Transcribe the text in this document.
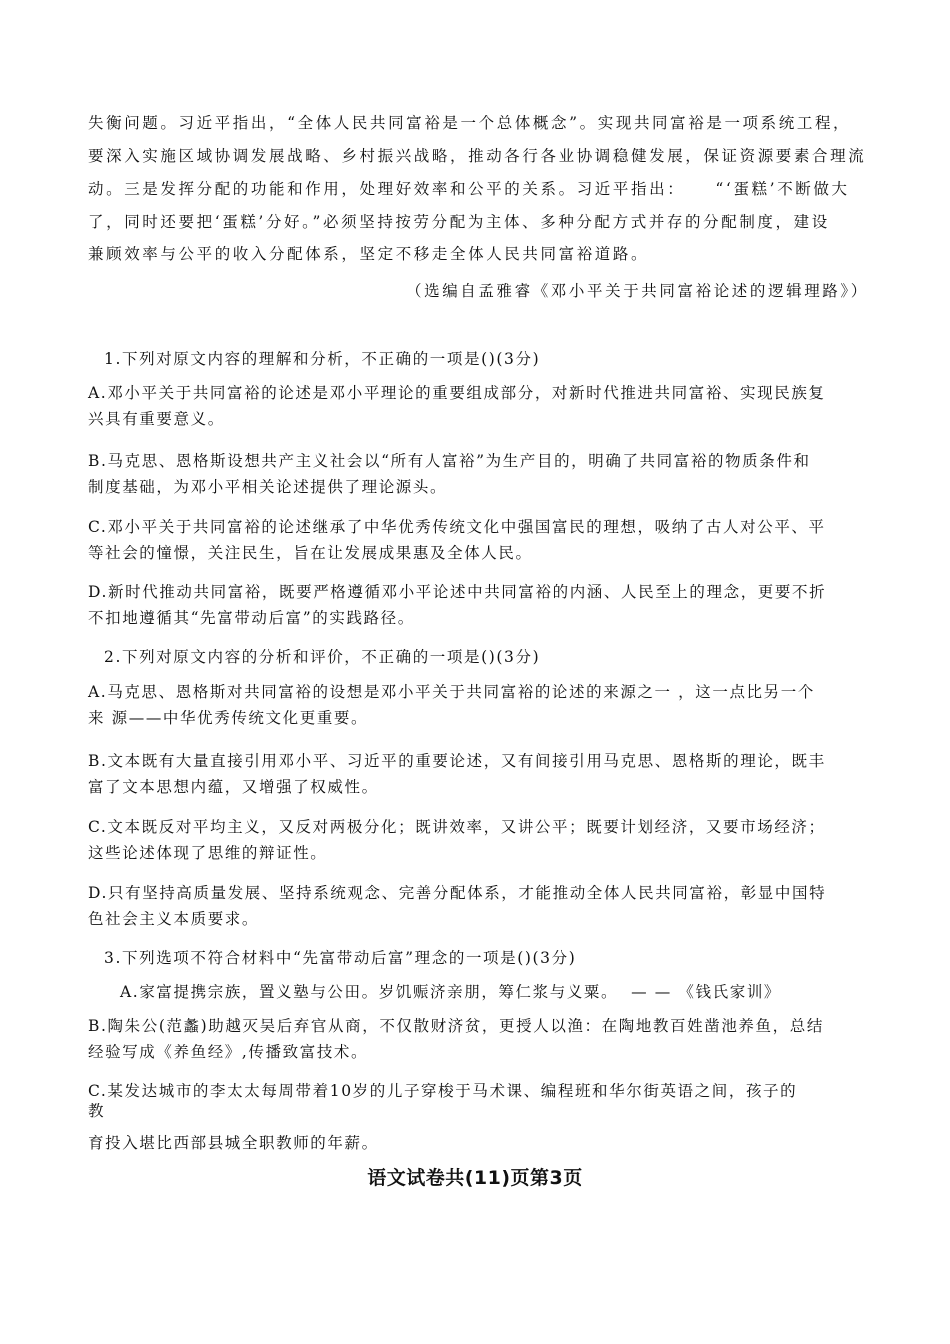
失衡问题。习近平指出，“全体人民共同富裕是一个总体概念”。实现共同富裕是一项系统工程，
要深入实施区域协调发展战略、乡村振兴战略，推动各行各业协调稳健发展，保证资源要素合理流
动。三是发挥分配的功能和作用，处理好效率和公平的关系。习近平指出：    “‘蛋糕’不断做大
了，同时还要把‘蛋糕’分好。”必须坚持按劳分配为主体、多种分配方式并存的分配制度，建设
兼顾效率与公平的收入分配体系，坚定不移走全体人民共同富裕道路。
（选编自孟雅睿《邓小平关于共同富裕论述的逻辑理路》）
1.下列对原文内容的理解和分析，不正确的一项是()(3分)
A.邓小平关于共同富裕的论述是邓小平理论的重要组成部分，对新时代推进共同富裕、实现民族复
兴具有重要意义。
B.马克思、恩格斯设想共产主义社会以“所有人富裕”为生产目的，明确了共同富裕的物质条件和
制度基础，为邓小平相关论述提供了理论源头。
C.邓小平关于共同富裕的论述继承了中华优秀传统文化中强国富民的理想，吸纳了古人对公平、平
等社会的憧憬，关注民生，旨在让发展成果惠及全体人民。
D.新时代推动共同富裕，既要严格遵循邓小平论述中共同富裕的内涵、人民至上的理念，更要不折
不扣地遵循其“先富带动后富”的实践路径。
2.下列对原文内容的分析和评价，不正确的一项是()(3分)
A.马克思、恩格斯对共同富裕的设想是邓小平关于共同富裕的论述的来源之一 ，这一点比另一个
来 源——中华优秀传统文化更重要。
B.文本既有大量直接引用邓小平、习近平的重要论述，又有间接引用马克思、恩格斯的理论，既丰
富了文本思想内蕴，又增强了权威性。
C.文本既反对平均主义，又反对两极分化；既讲效率，又讲公平；既要计划经济，又要市场经济；
这些论述体现了思维的辩证性。
D.只有坚持高质量发展、坚持系统观念、完善分配体系，才能推动全体人民共同富裕，彰显中国特
色社会主义本质要求。
3.下列选项不符合材料中“先富带动后富”理念的一项是()(3分)
A.家富提携宗族，置义塾与公田。岁饥赈济亲朋，筹仁浆与义粟。  — — 《钱氏家训》
B.陶朱公(范蠡)助越灭吴后弃官从商，不仅散财济贫，更授人以渔：在陶地教百姓凿池养鱼，总结
经验写成《养鱼经》,传播致富技术。
C.某发达城市的李太太每周带着10岁的儿子穿梭于马术课、编程班和华尔街英语之间，孩子的
教
育投入堪比西部县城全职教师的年薪。
语文试卷共(11)页第3页
